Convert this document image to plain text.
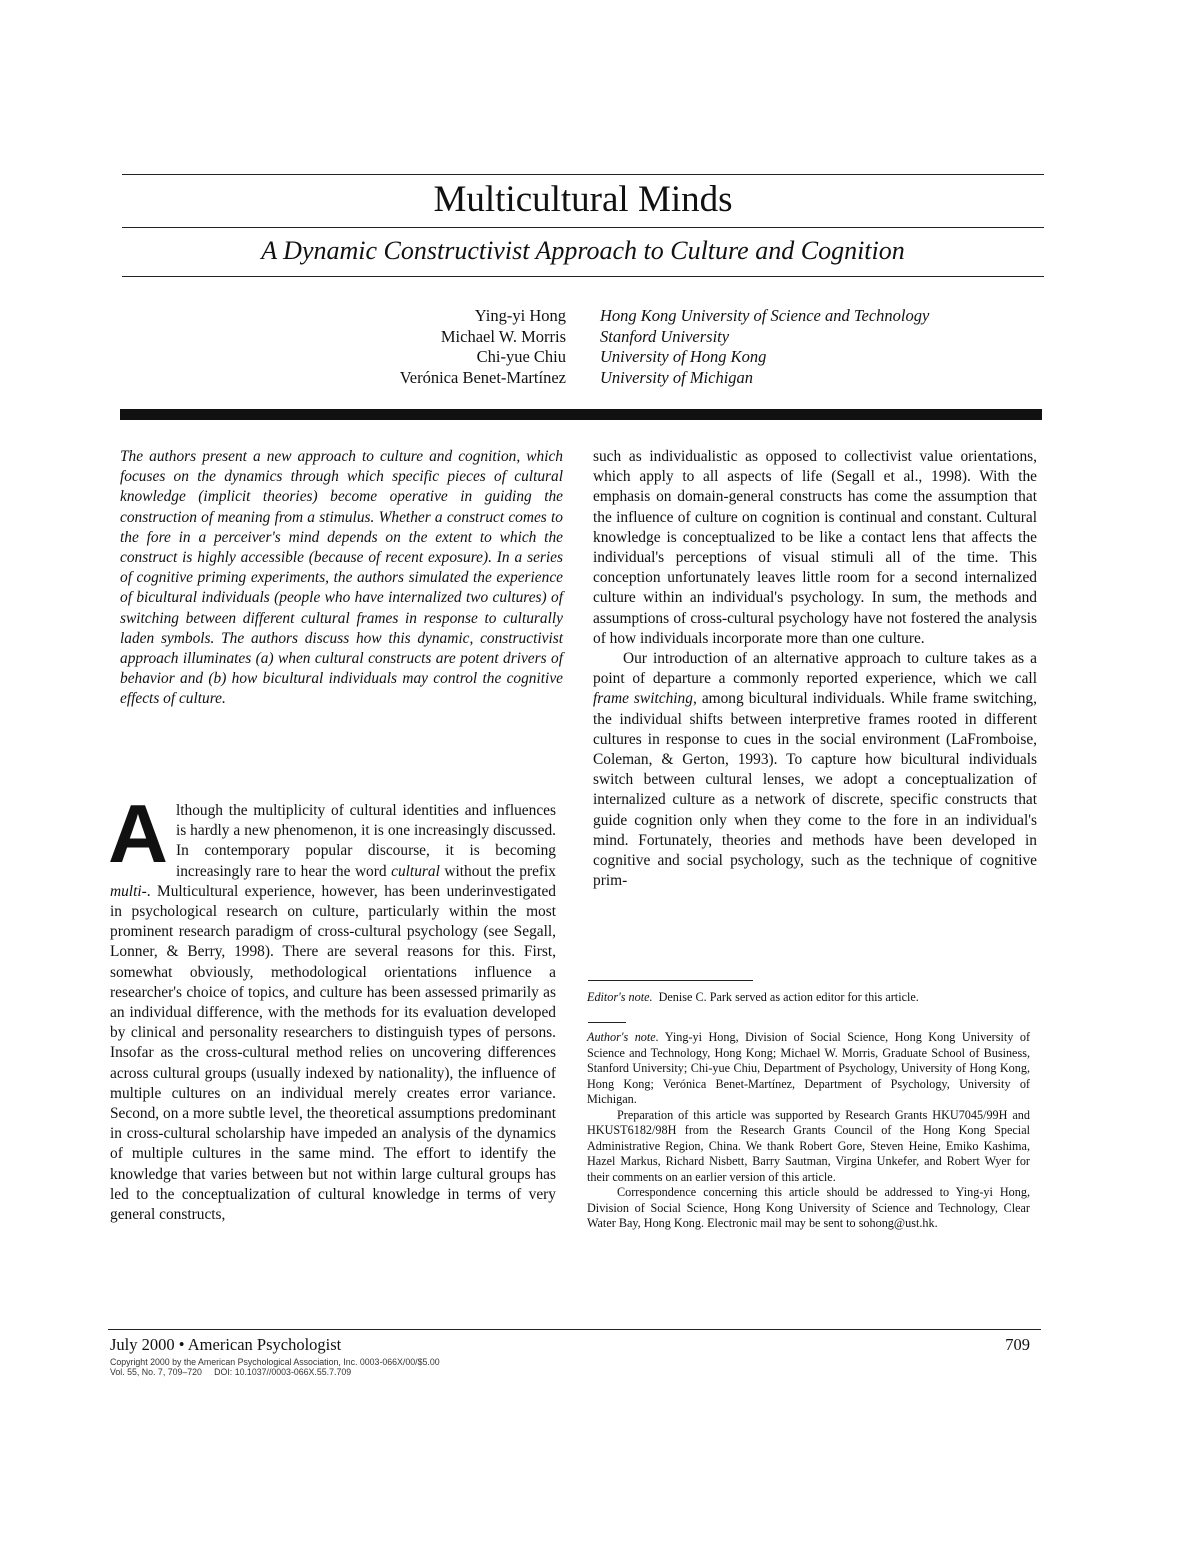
Multicultural Minds
A Dynamic Constructivist Approach to Culture and Cognition
Ying-yi Hong
Michael W. Morris
Chi-yue Chiu
Verónica Benet-Martínez
Hong Kong University of Science and Technology
Stanford University
University of Hong Kong
University of Michigan

The authors present a new approach to culture and cognition, which focuses on the dynamics through which specific pieces of cultural knowledge (implicit theories) become operative in guiding the construction of meaning from a stimulus. Whether a construct comes to the fore in a perceiver's mind depends on the extent to which the construct is highly accessible (because of recent exposure). In a series of cognitive priming experiments, the authors simulated the experience of bicultural individuals (people who have internalized two cultures) of switching between different cultural frames in response to culturally laden symbols. The authors discuss how this dynamic, constructivist approach illuminates (a) when cultural constructs are potent drivers of behavior and (b) how bicultural individuals may control the cognitive effects of culture.

Although the multiplicity of cultural identities and influences is hardly a new phenomenon, it is one increasingly discussed. In contemporary popular discourse, it is becoming increasingly rare to hear the word cultural without the prefix multi-. Multicultural experience, however, has been underinvestigated in psychological research on culture, particularly within the most prominent research paradigm of cross-cultural psychology (see Segall, Lonner, & Berry, 1998). There are several reasons for this. First, somewhat obviously, methodological orientations influence a researcher's choice of topics, and culture has been assessed primarily as an individual difference, with the methods for its evaluation developed by clinical and personality researchers to distinguish types of persons. Insofar as the cross-cultural method relies on uncovering differences across cultural groups (usually indexed by nationality), the influence of multiple cultures on an individual merely creates error variance. Second, on a more subtle level, the theoretical assumptions predominant in cross-cultural scholarship have impeded an analysis of the dynamics of multiple cultures in the same mind. The effort to identify the knowledge that varies between but not within large cultural groups has led to the conceptualization of cultural knowledge in terms of very general constructs,

such as individualistic as opposed to collectivist value orientations, which apply to all aspects of life (Segall et al., 1998). With the emphasis on domain-general constructs has come the assumption that the influence of culture on cognition is continual and constant. Cultural knowledge is conceptualized to be like a contact lens that affects the individual's perceptions of visual stimuli all of the time. This conception unfortunately leaves little room for a second internalized culture within an individual's psychology. In sum, the methods and assumptions of cross-cultural psychology have not fostered the analysis of how individuals incorporate more than one culture.

Our introduction of an alternative approach to culture takes as a point of departure a commonly reported experience, which we call frame switching, among bicultural individuals. While frame switching, the individual shifts between interpretive frames rooted in different cultures in response to cues in the social environment (LaFromboise, Coleman, & Gerton, 1993). To capture how bicultural individuals switch between cultural lenses, we adopt a conceptualization of internalized culture as a network of discrete, specific constructs that guide cognition only when they come to the fore in an individual's mind. Fortunately, theories and methods have been developed in cognitive and social psychology, such as the technique of cognitive prim-

Editor's note. Denise C. Park served as action editor for this article.

Author's note. Ying-yi Hong, Division of Social Science, Hong Kong University of Science and Technology, Hong Kong; Michael W. Morris, Graduate School of Business, Stanford University; Chi-yue Chiu, Department of Psychology, University of Hong Kong, Hong Kong; Verónica Benet-Martínez, Department of Psychology, University of Michigan.

Preparation of this article was supported by Research Grants HKU7045/99H and HKUST6182/98H from the Research Grants Council of the Hong Kong Special Administrative Region, China. We thank Robert Gore, Steven Heine, Emiko Kashima, Hazel Markus, Richard Nisbett, Barry Sautman, Virgina Unkefer, and Robert Wyer for their comments on an earlier version of this article.

Correspondence concerning this article should be addressed to Ying-yi Hong, Division of Social Science, Hong Kong University of Science and Technology, Clear Water Bay, Hong Kong. Electronic mail may be sent to sohong@ust.hk.

July 2000 • American Psychologist	709
Copyright 2000 by the American Psychological Association, Inc. 0003-066X/00/$5.00
Vol. 55, No. 7, 709–720     DOI: 10.1037//0003-066X.55.7.709
